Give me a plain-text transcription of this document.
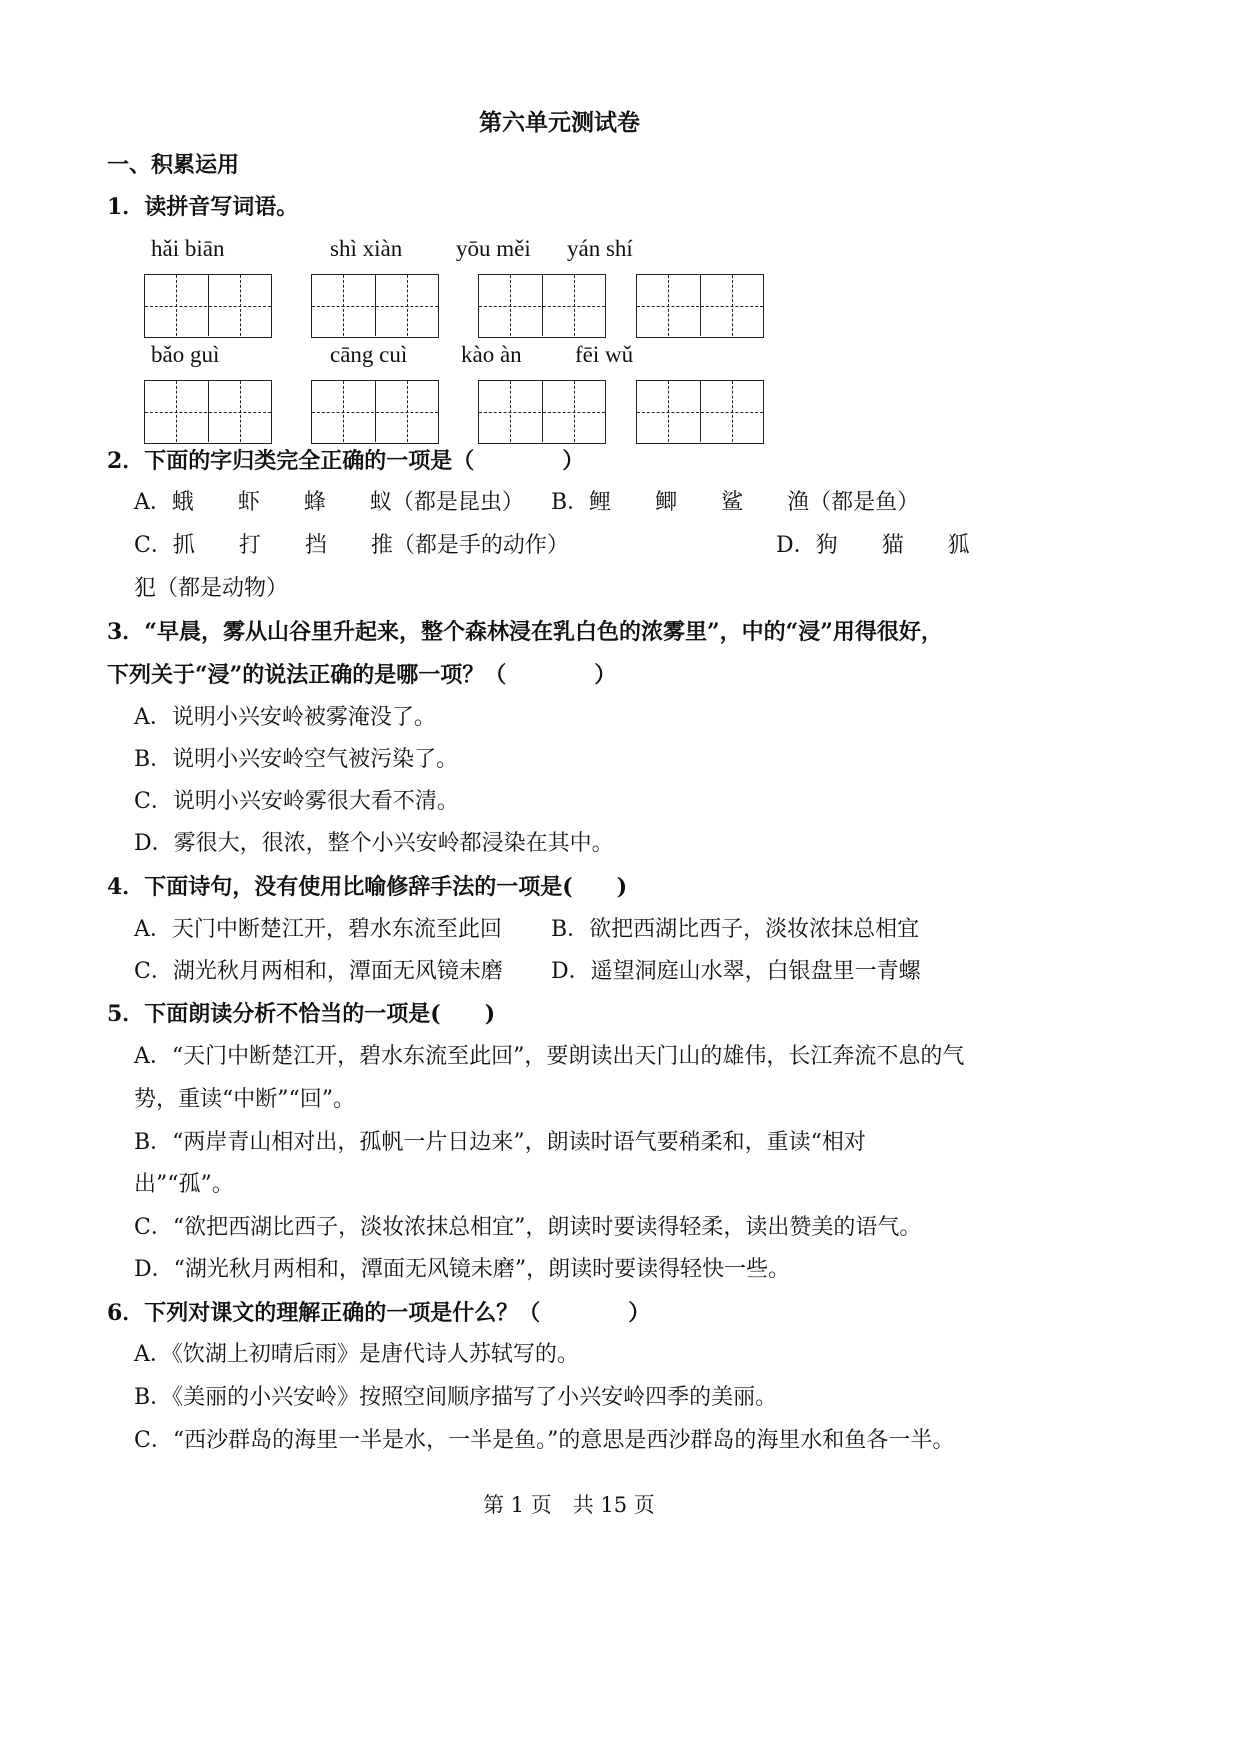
第六单元测试卷
一、积累运用
1．读拼音写词语。
hǎi biān	shì xiàn yōu měi yán shí
bǎo guì	cāng cuì kào àn fēi wǔ
2．下面的字归类完全正确的一项是（　　　　）
A．蛾　　虾　　蜂　　蚁（都是昆虫） B．鲤　　鲫　　鲨　　渔（都是鱼）
C．抓　　打　　挡　　推（都是手的动作）	D．狗　　猫　　狐
犯（都是动物）
3．“早晨，雾从山谷里升起来，整个森林浸在乳白色的浓雾里”，中的“浸”用得很好，
下列关于“浸”的说法正确的是哪一项？（　　　　）
A．说明小兴安岭被雾淹没了。
B．说明小兴安岭空气被污染了。
C．说明小兴安岭雾很大看不清。
D．雾很大，很浓，整个小兴安岭都浸染在其中。
4．下面诗句，没有使用比喻修辞手法的一项是(　　)
A．天门中断楚江开，碧水东流至此回 B．欲把西湖比西子，淡妆浓抹总相宜
C．湖光秋月两相和，潭面无风镜未磨 D．遥望洞庭山水翠，白银盘里一青螺
5．下面朗读分析不恰当的一项是(　　)
A．“天门中断楚江开，碧水东流至此回”，要朗读出天门山的雄伟，长江奔流不息的气
势，重读“中断”“回”。
B．“两岸青山相对出，孤帆一片日边来”，朗读时语气要稍柔和，重读“相对
出”“孤”。
C．“欲把西湖比西子，淡妆浓抹总相宜”，朗读时要读得轻柔，读出赞美的语气。
D．“湖光秋月两相和，潭面无风镜未磨”，朗读时要读得轻快一些。
6．下列对课文的理解正确的一项是什么？（　　　　）
A．《饮湖上初晴后雨》是唐代诗人苏轼写的。
B．《美丽的小兴安岭》按照空间顺序描写了小兴安岭四季的美丽。
C．“西沙群岛的海里一半是水，一半是鱼。”的意思是西沙群岛的海里水和鱼各一半。
第 1 页　共 15 页
